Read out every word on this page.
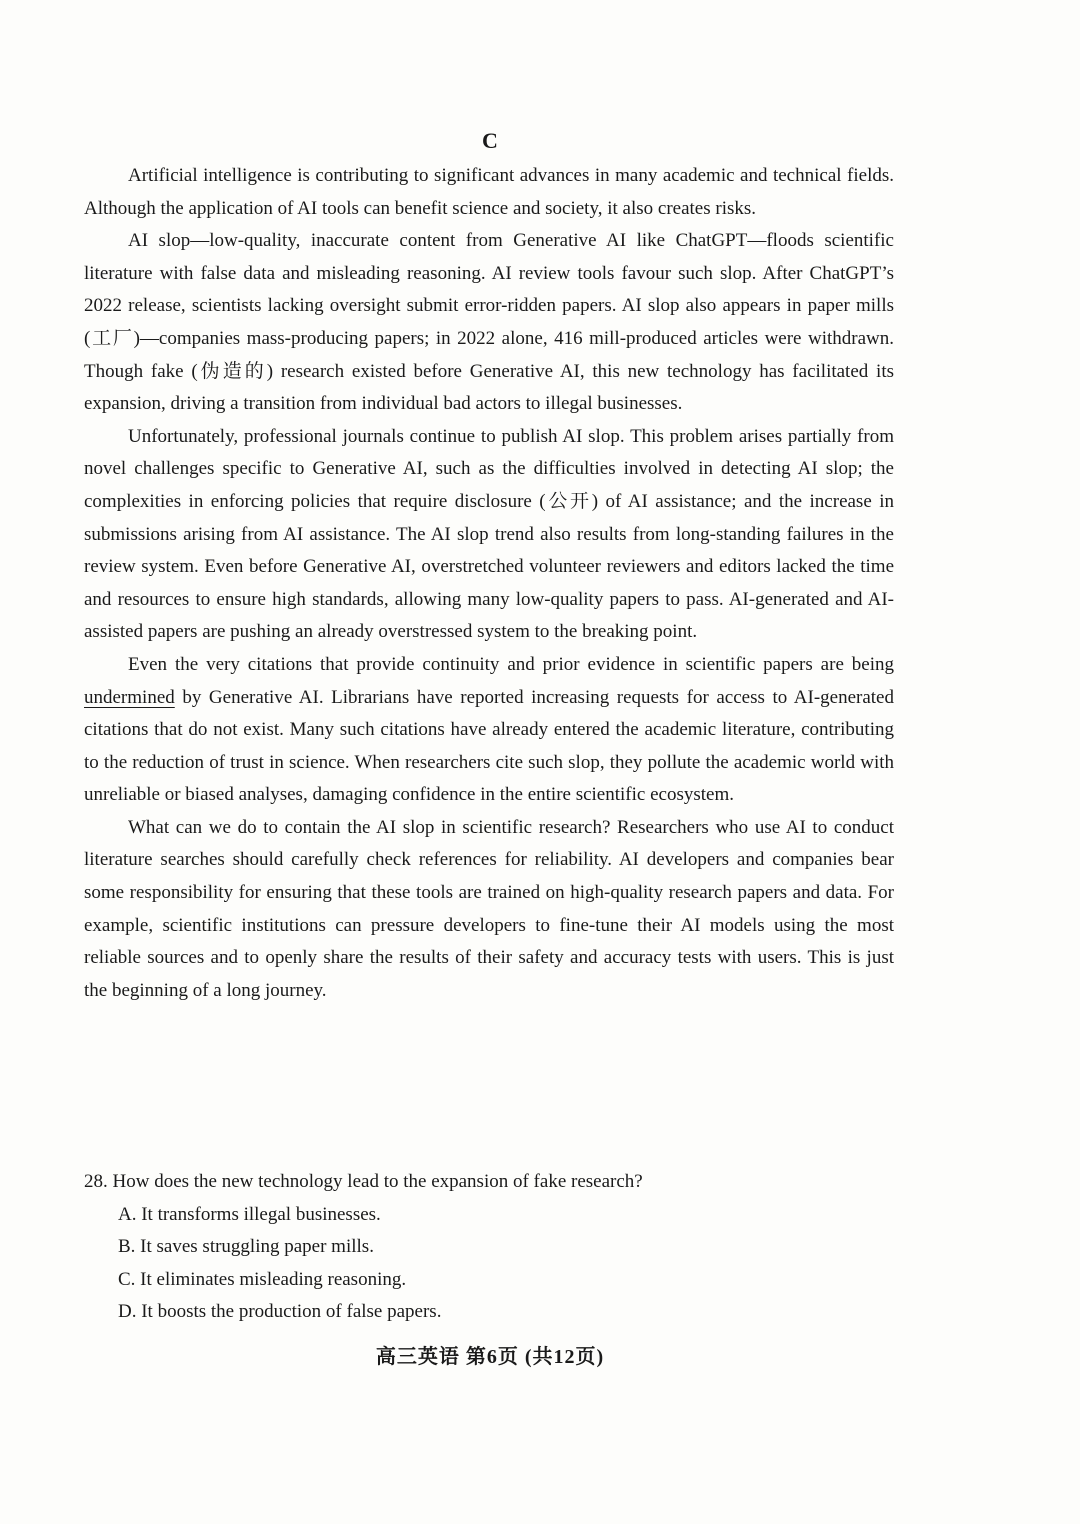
C

Artificial intelligence is contributing to significant advances in many academic and technical fields. Although the application of AI tools can benefit science and society, it also creates risks.

AI slop—low-quality, inaccurate content from Generative AI like ChatGPT—floods scientific literature with false data and misleading reasoning. AI review tools favour such slop. After ChatGPT’s 2022 release, scientists lacking oversight submit error-ridden papers. AI slop also appears in paper mills (工厂)—companies mass-producing papers; in 2022 alone, 416 mill-produced articles were withdrawn. Though fake (伪造的) research existed before Generative AI, this new technology has facilitated its expansion, driving a transition from individual bad actors to illegal businesses.

Unfortunately, professional journals continue to publish AI slop. This problem arises partially from novel challenges specific to Generative AI, such as the difficulties involved in detecting AI slop; the complexities in enforcing policies that require disclosure (公开) of AI assistance; and the increase in submissions arising from AI assistance. The AI slop trend also results from long-standing failures in the review system. Even before Generative AI, overstretched volunteer reviewers and editors lacked the time and resources to ensure high standards, allowing many low-quality papers to pass. AI-generated and AI-assisted papers are pushing an already overstressed system to the breaking point.

Even the very citations that provide continuity and prior evidence in scientific papers are being undermined by Generative AI. Librarians have reported increasing requests for access to AI-generated citations that do not exist. Many such citations have already entered the academic literature, contributing to the reduction of trust in science. When researchers cite such slop, they pollute the academic world with unreliable or biased analyses, damaging confidence in the entire scientific ecosystem.

What can we do to contain the AI slop in scientific research? Researchers who use AI to conduct literature searches should carefully check references for reliability. AI developers and companies bear some responsibility for ensuring that these tools are trained on high-quality research papers and data. For example, scientific institutions can pressure developers to fine-tune their AI models using the most reliable sources and to openly share the results of their safety and accuracy tests with users. This is just the beginning of a long journey.

28. How does the new technology lead to the expansion of fake research?

A. It transforms illegal businesses.

B. It saves struggling paper mills.

C. It eliminates misleading reasoning.

D. It boosts the production of false papers.

高三英语 第6页 (共12页)
